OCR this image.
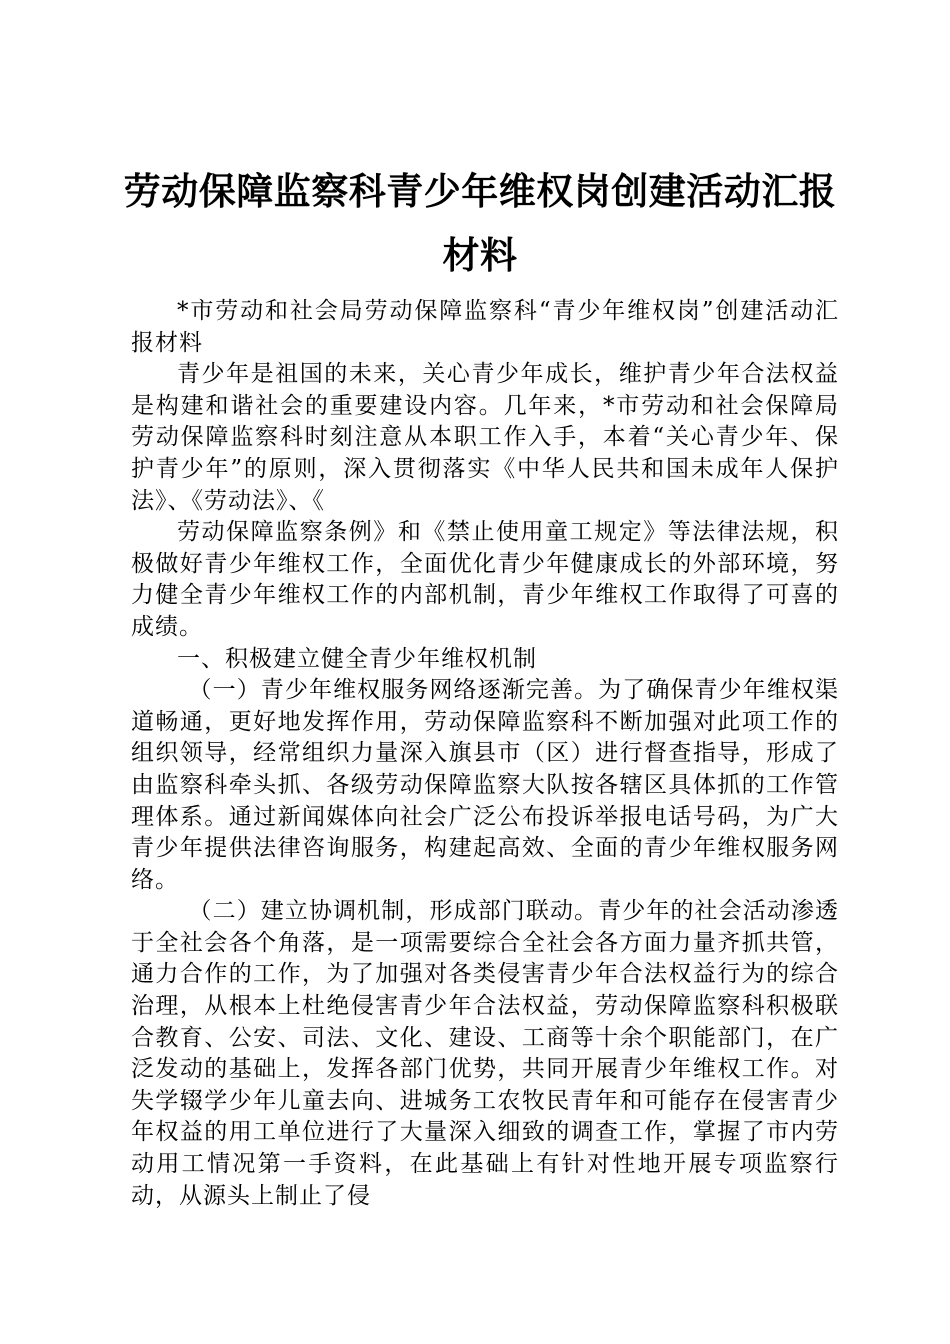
劳动保障监察科青少年维权岗创建活动汇报材料

*市劳动和社会局劳动保障监察科“青少年维权岗”创建活动汇报材料

青少年是祖国的未来，关心青少年成长，维护青少年合法权益是构建和谐社会的重要建设内容。几年来，*市劳动和社会保障局劳动保障监察科时刻注意从本职工作入手，本着“关心青少年、保护青少年”的原则，深入贯彻落实《中华人民共和国未成年人保护法》、《劳动法》、《

劳动保障监察条例》和《禁止使用童工规定》等法律法规，积极做好青少年维权工作，全面优化青少年健康成长的外部环境，努力健全青少年维权工作的内部机制，青少年维权工作取得了可喜的成绩。

一、积极建立健全青少年维权机制

（一）青少年维权服务网络逐渐完善。为了确保青少年维权渠道畅通，更好地发挥作用，劳动保障监察科不断加强对此项工作的组织领导，经常组织力量深入旗县市（区）进行督查指导，形成了由监察科牵头抓、各级劳动保障监察大队按各辖区具体抓的工作管理体系。通过新闻媒体向社会广泛公布投诉举报电话号码，为广大青少年提供法律咨询服务，构建起高效、全面的青少年维权服务网络。

（二）建立协调机制，形成部门联动。青少年的社会活动渗透于全社会各个角落，是一项需要综合全社会各方面力量齐抓共管，通力合作的工作，为了加强对各类侵害青少年合法权益行为的综合治理，从根本上杜绝侵害青少年合法权益，劳动保障监察科积极联合教育、公安、司法、文化、建设、工商等十余个职能部门，在广泛发动的基础上，发挥各部门优势，共同开展青少年维权工作。对失学辍学少年儿童去向、进城务工农牧民青年和可能存在侵害青少年权益的用工单位进行了大量深入细致的调查工作，掌握了市内劳动用工情况第一手资料，在此基础上有针对性地开展专项监察行动，从源头上制止了侵
